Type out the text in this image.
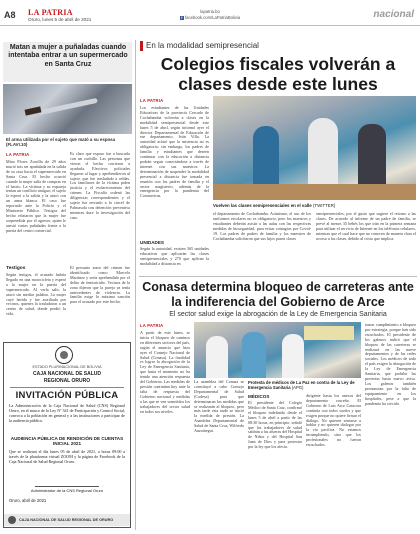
A8 LA PATRIA
Oruro, lunes 5 de abril de 2021
lapatria.bo
f facebook.com/LaPatriaBolivia	nacional
Matan a mujer a puñaladas cuando intentaba entrar a un supermercado en Santa Cruz
El arma utilizada por el sujeto que mató a su esposa (FLAVI.10)
LA PATRIA
Mina Flores Zorrilla de 29 años murió tras ser apuñalada en la salida de su casa hacia el supermercado en Santa Cruz. El hecho ocurrió cuando la mujer salía de compras en el barrio. La víctima y su expareja tenían un conflicto antiguo; el sujeto la esperó a la salida y la atacó con un arma blanca. El caso fue reportado ante la Policía y el Ministerio Público. Testigos del hecho relataron que la mujer fue sorprendida por el agresor, quien le asestó varias puñaladas frente a la puerta del centro comercial.
Es claro que esposo fue a buscarla con un cuchillo. Las personas que vieron el hecho corrieron a ayudarla. Efectivos policiales llegaron al lugar y aprehendieron al sujeto, que fue trasladado a celdas. Los familiares de la víctima piden justicia y el esclarecimiento del crimen. La Fiscalía ordenó las diligencias correspondientes y el sujeto fue enviado a la cárcel de Palmasola con detención preventiva mientras dure la investigación del caso.
Testigos
Según testigos, el acusado habría llegado en una motocicleta y esperó a la mujer en la puerta del supermercado. Al verla salir, la atacó sin mediar palabra. La mujer cayó herida y fue auxiliada por vecinos, quienes la trasladaron a un centro de salud, donde perdió la vida.
El presunto autor del crimen fue identificado como Marcelo Martínez y sería aprehendido por el delito de feminicidio. Vecinos de la zona dijeron que la pareja ya tenía antecedentes de violencia. La familia exige la máxima sanción para el acusado por este hecho.
ESTADO PLURINACIONAL DE BOLIVIA
CAJA NACIONAL DE SALUD
REGIONAL ORURO
INVITACIÓN PÚBLICA
La Administración de la Caja Nacional de Salud (CNS) Regional Oruro, en el marco de la Ley Nº 341 de Participación y Control Social, convoca a la población en general y a las instituciones a participar de la audiencia pública.
AUDIENCIA PÚBLICA DE RENDICIÓN DE CUENTAS INICIAL 2021
Que se realizará el día lunes 05 de abril de 2021, a horas 09:00 a través de la plataforma virtual ZOOM y la página de Facebook de la Caja Nacional de Salud Regional Oruro.
Administrador de la CNS Regional Oruro
Oruro, abril de 2021
CAJA NACIONAL DE SALUD REGIONAL DE ORURO
En la modalidad semipresencial
Colegios fiscales volverán a clases desde este lunes
LA PATRIA
Los estudiantes de las Unidades Educativas de la provincia Cercado de Cochabamba volverán a clases en la modalidad semipresencial desde este lunes 5 de abril, según informó ayer el director Departamental de Educación de ese departamento, Iván Villa. La autoridad aclaró que la asistencia no es obligatoria; sin embargo, los padres de familia y estudiantes que deseen continuar con la educación a distancia podrán seguir conectándose a través de internet con sus maestros. La determinación de suspender la modalidad presencial a distancia fue tomada en reunión con los padres de familia y el sector magisterio, además de la emergencia por la pandemia del Coronavirus.
Vuelven las clases semipresenciales en el valle (TWITTER)
el departamento de Cochabamba. Asimismo, el uso de los uniformes escolares no es obligatorio; pero los maestros y estudiantes deberán asistir a las aulas con las respectivas medidas de bioseguridad, para evitar contagios por Covid-19. Los padres de padres de familia y los maestros de Cochabamba solicitaron que sus hijos pasen clases
semipresenciales, por el gusto que sugiere el retorno a las clases. De acuerdo al informe de un padre de familia, se prevé al menos 35 bebés los que irán en la primera semana para utilizar el servicio de Internet en los teléfonos celulares, mientras que el cual hace que no conocen de manera clara el acceso a las clases, debido al costo que implica.
UNIDADES
Según la autoridad, existen 365 unidades educativas que aplicarán las clases semipresenciales y 270 que aplican la modalidad a distancia en
Conasa determina bloqueo de carreteras ante la indiferencia del Gobierno de Arce
El sector salud exige la abrogación de la Ley de Emergencia Sanitaria
LA PATRIA
A partir de este lunes, se inicia el bloqueo de caminos en diferentes sectores del país, según el anuncio que hizo ayer el Consejo Nacional de Salud (Conasa). La finalidad es lograr la abrogación de la Ley de Emergencia Sanitaria, que hasta el momento no ha tenido una atención respuesta del Gobierno. Las medidas de presión continúan hoy ante la falta de respuesta del Gobierno nacional y medidas a las que se ven sometidos los trabajadores del sector salud en todos sus niveles.
La asamblea del Conasa se constituyó a cabo Consejo Departamental de Salud (Codesa) para que determinaran las medidas que se realizarán al bloqueo, pero más tarde esta tarde se inició la medida de presión. La Asamblea Departamental de Salud de Santa Cruz, Wilfredo Anzoátegui.
Protesta de médicos de La Paz en contra de la Ley de Emergencia Sanitaria (APG)
MÉDICOS
El presidente del Colegio Médico de Santa Cruz, confirmó el bloqueo indefinido desde el lunes 5 de abril a partir de las 08:30 horas, en principio, señaló que los trabajadores de salud saldrán a las afueras del Hospital de Niños y del Hospital San Juan de Dios y para protestar por la ley que los afecta.
dirigente hasta los anexos del departamento cruceño. El Gobierno de Luis Arce Catacora continúa con todos sordos y que exigen porque no quiere firmar el diálogo. No quieren sentarse a hablar y no quieren dialogar por la vía pacífica. No estamos incumpliendo, sino que los profesionales no fueron escuchados.
tomar cumplimiento a bloqueo por estrategia, porque han sido escuchados. El presidente de los galenos indicó que el bloqueo de las carreteras se realizará en las nueve departamentos y de las redes sociales. Los médicos de todo el país exigen la abrogación de la Ley de Emergencia Sanitaria, que prohíbe las protestas hasta nuevo aviso. Los galenos también pronuncian por la falta de equipamiento en los hospitales, pese a que la pandemia ha crecido.
